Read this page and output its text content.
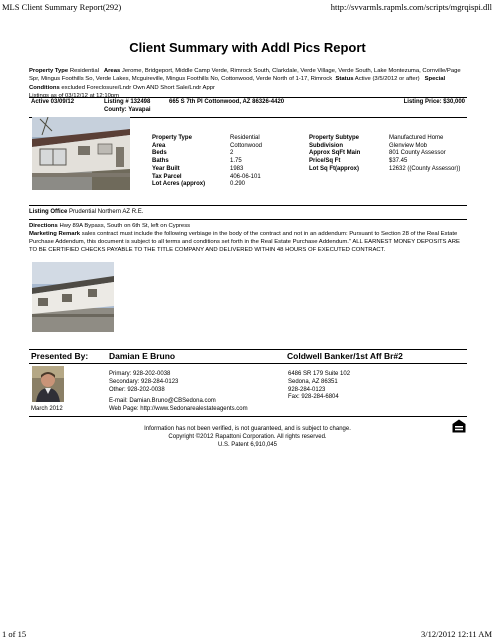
MLS Client Summary Report(292)	http://svvarmls.rapmls.com/scripts/mgrqispi.dll
Client Summary with Addl Pics Report
Property Type Residential Areas Jerome, Bridgeport, Middle Camp Verde, Rimrock South, Clarkdale, Verde Village, Verde South, Lake Montezuma, Cornville/Page Spr, Mingus Foothills So, Verde Lakes, Mcguireville, Mingus Foothills No, Cottonwood, Verde North of 1-17, Rimrock Status Active (3/5/2012 or after) Special Conditions excluded Foreclosure/Lndr Own AND Short Sale/Lndr Appr
Listings as of 03/12/12 at 12:10pm
Active 03/09/12	Listing # 132498
County: Yavapai
665 S 7th Pl Cottonwood, AZ 86326-4420	Listing Price: $30,000
Property Type	Residential	Property Subtype	Manufactured Home
Area	Cottonwood	Subdivision	Glenview Mob
Beds	2	Approx SqFt Main	801 County Assessor
Baths	1.75	Price/Sq Ft	$37.45
Year Built	1983	Lot Sq Ft(approx)	12632 ((County Assessor))
Tax Parcel	406-06-101
Lot Acres (approx)	0.290
Listing Office Prudential Northern AZ R.E.
Directions Hwy 89A Bypass, South on 6th St, left on Cypress
Marketing Remark sales contract must include the following verbiage in the body of the contract and not in an addendum: Pursuant to Section 28 of the Real Estate Purchase Addendum, this document is subject to all terms and conditions set forth in the Real Estate Purchase Addendum." ALL EARNEST MONEY DEPOSITS ARE TO BE CERTIFIED CHECKS PAYABLE TO THE TITLE COMPANY AND DELIVERED WITHIN 48 HOURS OF EXECUTED CONTRACT.
Presented By: Damian E Bruno	Coldwell Banker/1st Aff Br#2
March 2012
Primary: 928-202-0038
Secondary: 928-284-0123
Other: 928-202-0038
E-mail: Damian.Bruno@CBSedona.com
Web Page: http://www.Sedonarealestateagents.com
6486 SR 179 Suite 102
Sedona, AZ 86351
928-284-0123
Fax: 928-284-6804
Information has not been verified, is not guaranteed, and is subject to change.
Copyright ©2012 Rapattoni Corporation. All rights reserved.
U.S. Patent 6,910,045
1 of 15	3/12/2012 12:11 AM
